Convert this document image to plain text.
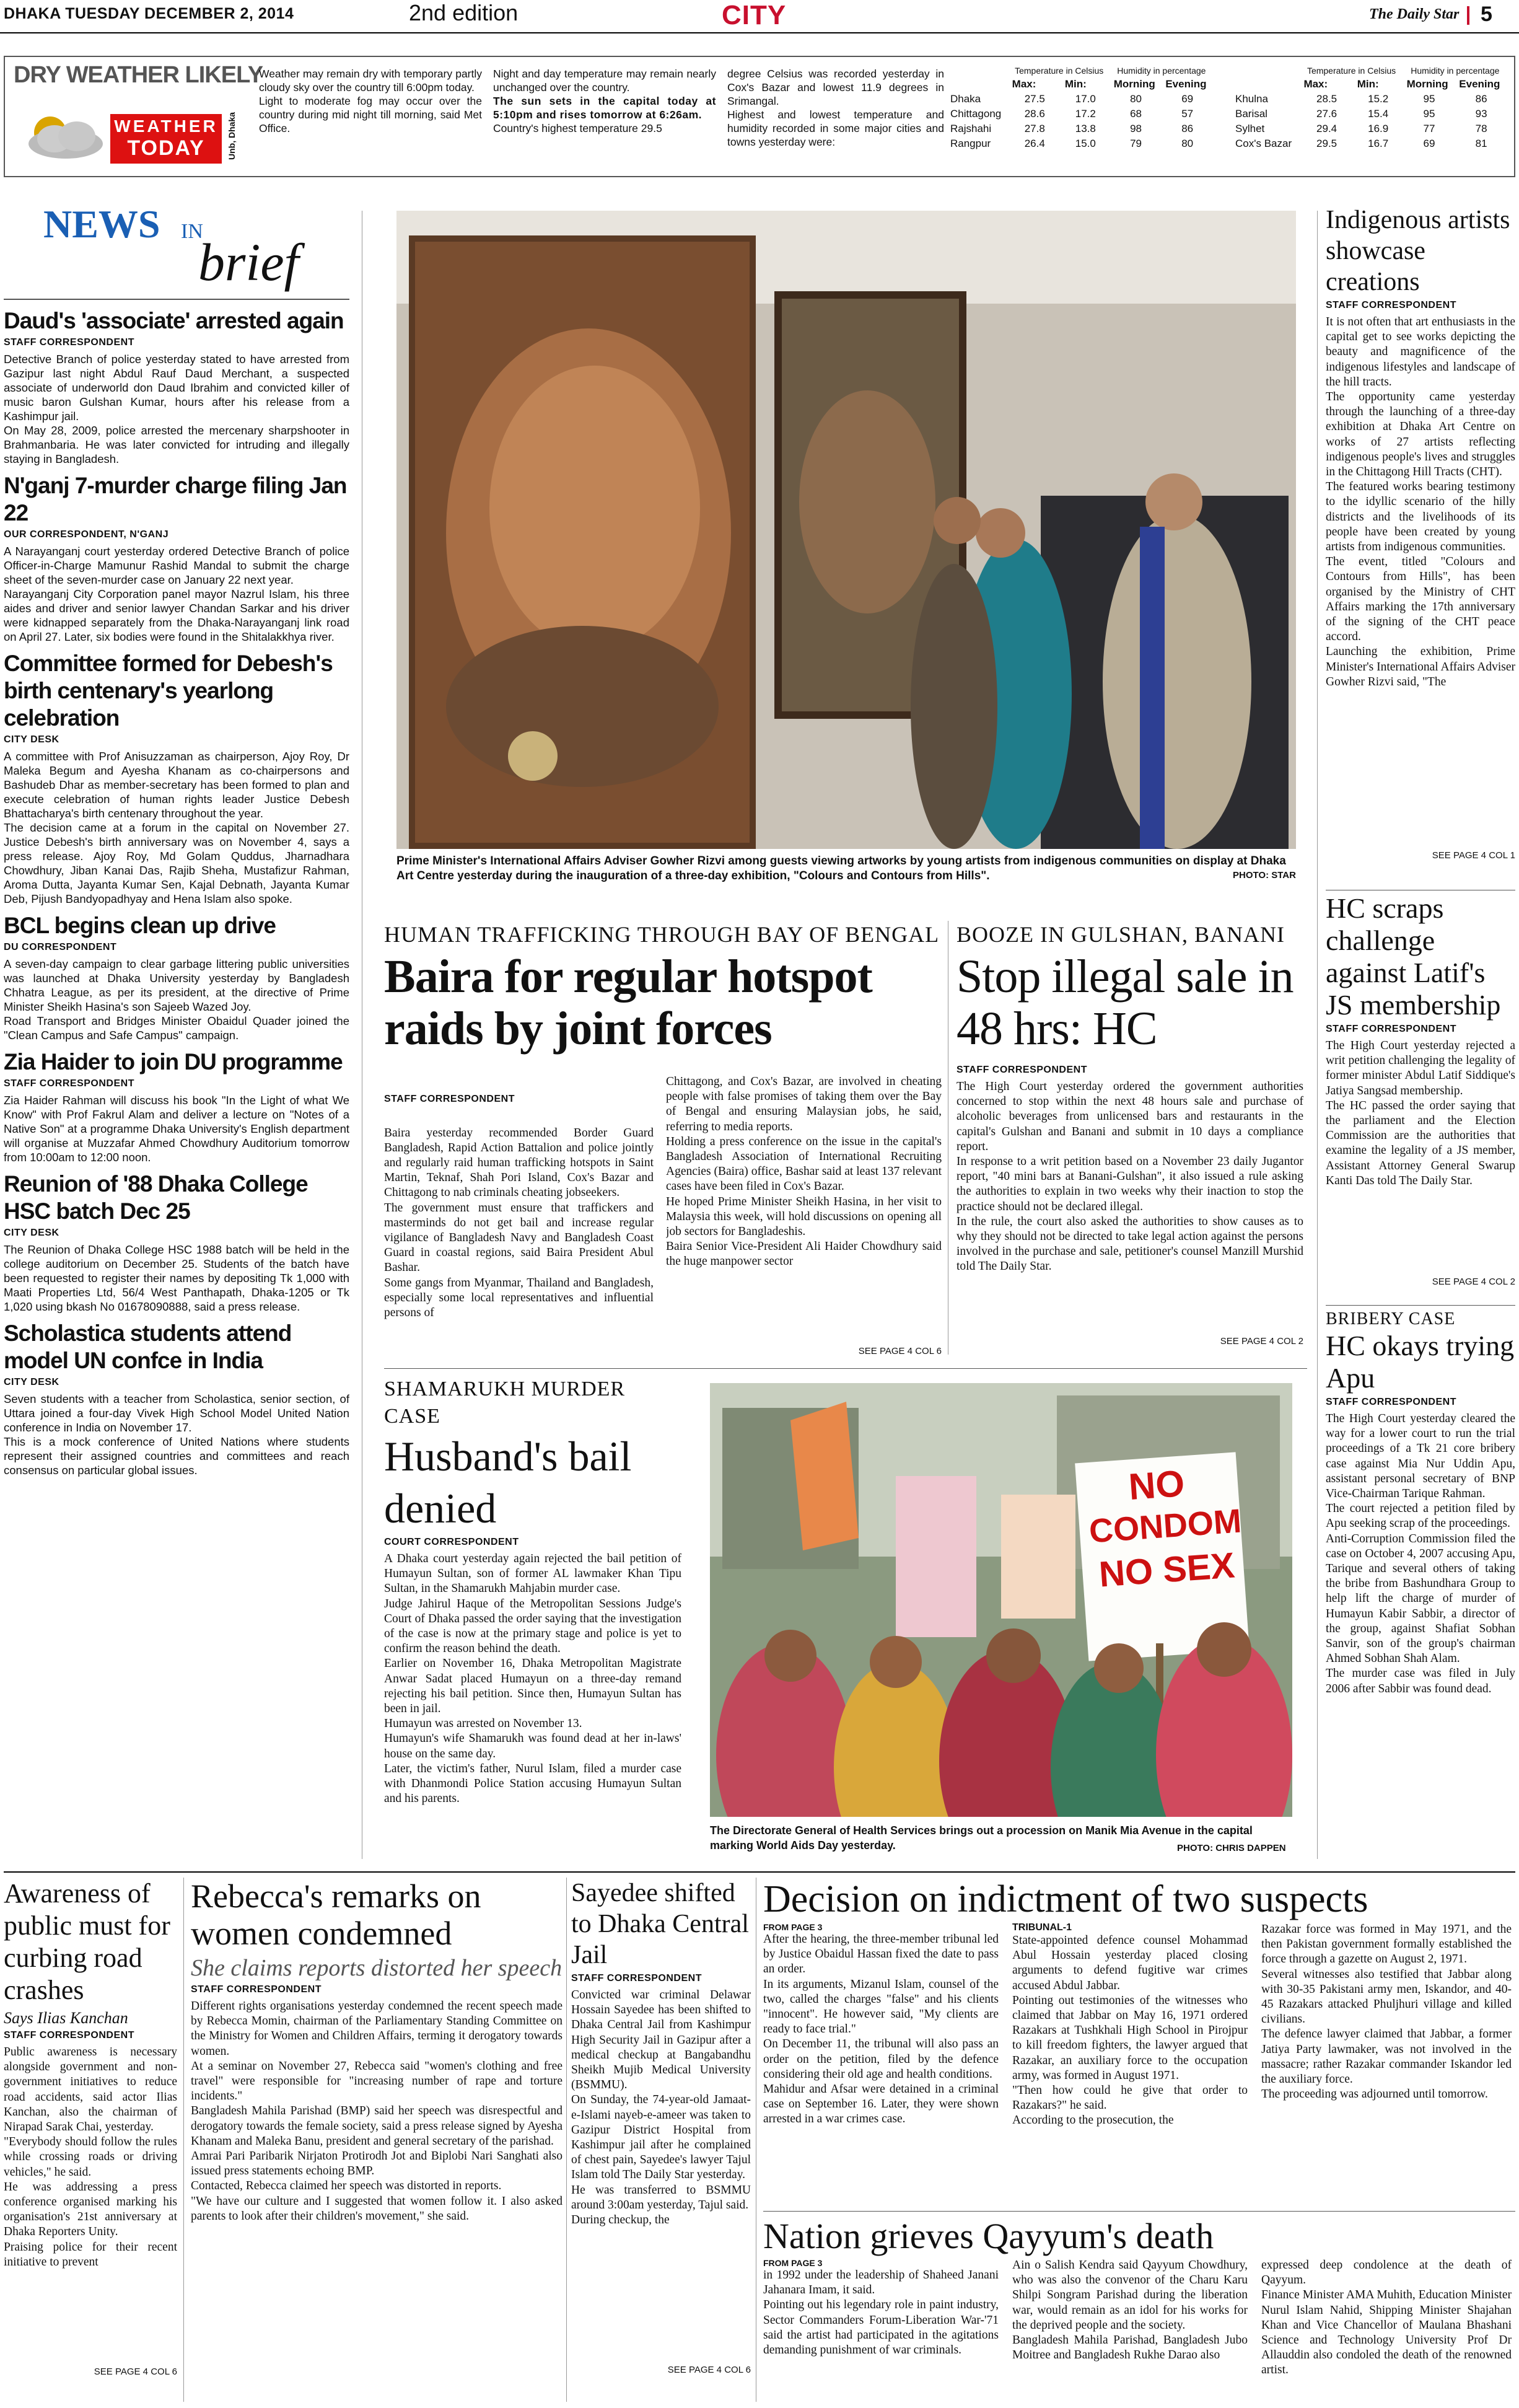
DHAKA TUESDAY DECEMBER 2, 2014	2nd edition	CITY	The Daily Star 5
DRY WEATHER LIKELY
WEATHER
TODAY	Unb, Dhaka
Weather may remain dry with temporary partly cloudy sky over the country till 6:00pm today.
Light to moderate fog may occur over the country during mid night till morning, said Met Office.
Night and day temperature may remain nearly unchanged over the country.
The sun sets in the capital today at 5:10pm and rises tomorrow at 6:26am.
Country's highest temperature 29.5
degree Celsius was recorded yesterday in Cox's Bazar and lowest 11.9 degrees in Srimangal.
Highest and lowest temperature and humidity recorded in some major cities and towns yesterday were:
	Temperature in Celsius		Humidity in percentage	
	Max:	Min:	Morning	Evening
Dhaka	27.5	17.0	80	69
Chittagong	28.6	17.2	68	57
Rajshahi	27.8	13.8	98	86
Rangpur	26.4	15.0	79	80
	Temperature in Celsius		Humidity in percentage	
	Max:	Min:	Morning	Evening
Khulna	28.5	15.2	95	86
Barisal	27.6	15.4	95	93
Sylhet	29.4	16.9	77	78
Cox's Bazar	29.5	16.7	69	81
NEWS IN
brief
Daud's 'associate' arrested again
STAFF CORRESPONDENT
Detective Branch of police yesterday stated to have arrested from Gazipur last night Abdul Rauf Daud Merchant, a suspected associate of underworld don Daud Ibrahim and convicted killer of music baron Gulshan Kumar, hours after his release from a Kashimpur jail.
On May 28, 2009, police arrested the mercenary sharpshooter in Brahmanbaria. He was later convicted for intruding and illegally staying in Bangladesh.
N'ganj 7-murder charge filing Jan 22
OUR CORRESPONDENT, N'GANJ
A Narayanganj court yesterday ordered Detective Branch of police Officer-in-Charge Mamunur Rashid Mandal to submit the charge sheet of the seven-murder case on January 22 next year.
Narayanganj City Corporation panel mayor Nazrul Islam, his three aides and driver and senior lawyer Chandan Sarkar and his driver were kidnapped separately from the Dhaka-Narayanganj link road on April 27. Later, six bodies were found in the Shitalakkhya river.
Committee formed for Debesh's birth centenary's yearlong celebration
CITY DESK
A committee with Prof Anisuzzaman as chairperson, Ajoy Roy, Dr Maleka Begum and Ayesha Khanam as co-chairpersons and Bashudeb Dhar as member-secretary has been formed to plan and execute celebration of human rights leader Justice Debesh Bhattacharya's birth centenary throughout the year.
The decision came at a forum in the capital on November 27. Justice Debesh's birth anniversary was on November 4, says a press release. Ajoy Roy, Md Golam Quddus, Jharnadhara Chowdhury, Jiban Kanai Das, Rajib Sheha, Mustafizur Rahman, Aroma Dutta, Jayanta Kumar Sen, Kajal Debnath, Jayanta Kumar Deb, Pijush Bandyopadhyay and Hena Islam also spoke.
BCL begins clean up drive
DU CORRESPONDENT
A seven-day campaign to clear garbage littering public universities was launched at Dhaka University yesterday by Bangladesh Chhatra League, as per its president, at the directive of Prime Minister Sheikh Hasina's son Sajeeb Wazed Joy.
Road Transport and Bridges Minister Obaidul Quader joined the "Clean Campus and Safe Campus" campaign.
Zia Haider to join DU programme
STAFF CORRESPONDENT
Zia Haider Rahman will discuss his book "In the Light of what We Know" with Prof Fakrul Alam and deliver a lecture on "Notes of a Native Son" at a programme Dhaka University's English department will organise at Muzzafar Ahmed Chowdhury Auditorium tomorrow from 10:00am to 12:00 noon.
Reunion of '88 Dhaka College HSC batch Dec 25
CITY DESK
The Reunion of Dhaka College HSC 1988 batch will be held in the college auditorium on December 25. Students of the batch have been requested to register their names by depositing Tk 1,000 with Maati Properties Ltd, 56/4 West Panthapath, Dhaka-1205 or Tk 1,020 using bkash No 01678090888, said a press release.
Scholastica students attend model UN confce in India
CITY DESK
Seven students with a teacher from Scholastica, senior section, of Uttara joined a four-day Vivek High School Model United Nation conference in India on November 17.
This is a mock conference of United Nations where students represent their assigned countries and committees and reach consensus on particular global issues.
Prime Minister's International Affairs Adviser Gowher Rizvi among guests viewing artworks by young artists from indigenous communities on display at Dhaka Art Centre yesterday during the inauguration of a three-day exhibition, "Colours and Contours from Hills".	PHOTO: STAR
HUMAN TRAFFICKING THROUGH BAY OF BENGAL
Baira for regular hotspot raids by joint forces

STAFF CORRESPONDENT

Baira yesterday recommended Border Guard Bangladesh, Rapid Action Battalion and police jointly and regularly raid human trafficking hotspots in Saint Martin, Teknaf, Shah Pori Island, Cox's Bazar and Chittagong to nab criminals cheating jobseekers.
The government must ensure that traffickers and masterminds do not get bail and increase regular vigilance of Bangladesh Navy and Bangladesh Coast Guard in coastal regions, said Baira President Abul Bashar.
Some gangs from Myanmar, Thailand and Bangladesh, especially some local representatives and influential persons of

Chittagong, and Cox's Bazar, are involved in cheating people with false promises of taking them over the Bay of Bengal and ensuring Malaysian jobs, he said, referring to media reports.
Holding a press conference on the issue in the capital's Bangladesh Association of International Recruiting Agencies (Baira) office, Bashar said at least 137 relevant cases have been filed in Cox's Bazar.
He hoped Prime Minister Sheikh Hasina, in her visit to Malaysia this week, will hold discussions on opening all job sectors for Bangladeshis.
Baira Senior Vice-President Ali Haider Chowdhury said the huge manpower sector
SEE PAGE 4 COL 6
BOOZE IN GULSHAN, BANANI
Stop illegal sale in 48 hrs: HC
STAFF CORRESPONDENT
The High Court yesterday ordered the government authorities concerned to stop within the next 48 hours sale and purchase of alcoholic beverages from unlicensed bars and restaurants in the capital's Gulshan and Banani and submit in 10 days a compliance report.
In response to a writ petition based on a November 23 daily Jugantor report, "40 mini bars at Banani-Gulshan", it also issued a rule asking the authorities to explain in two weeks why their inaction to stop the practice should not be declared illegal.
In the rule, the court also asked the authorities to show causes as to why they should not be directed to take legal action against the persons involved in the purchase and sale, petitioner's counsel Manzill Murshid told The Daily Star.
SEE PAGE 4 COL 2
Indigenous artists showcase creations
STAFF CORRESPONDENT
It is not often that art enthusiasts in the capital get to see works depicting the beauty and magnificence of the indigenous lifestyles and landscape of the hill tracts.
The opportunity came yesterday through the launching of a three-day exhibition at Dhaka Art Centre on works of 27 artists reflecting indigenous people's lives and struggles in the Chittagong Hill Tracts (CHT).
The featured works bearing testimony to the idyllic scenario of the hilly districts and the livelihoods of its people have been created by young artists from indigenous communities.
The event, titled "Colours and Contours from Hills", has been organised by the Ministry of CHT Affairs marking the 17th anniversary of the signing of the CHT peace accord.
Launching the exhibition, Prime Minister's International Affairs Adviser Gowher Rizvi said, "The
SEE PAGE 4 COL 1
HC scraps challenge against Latif's JS membership
STAFF CORRESPONDENT
The High Court yesterday rejected a writ petition challenging the legality of former minister Abdul Latif Siddique's Jatiya Sangsad membership.
The HC passed the order saying that the parliament and the Election Commission are the authorities that examine the legality of a JS member, Assistant Attorney General Swarup Kanti Das told The Daily Star.
SEE PAGE 4 COL 2
BRIBERY CASE
HC okays trying Apu
STAFF CORRESPONDENT
The High Court yesterday cleared the way for a lower court to run the trial proceedings of a Tk 21 core bribery case against Mia Nur Uddin Apu, assistant personal secretary of BNP Vice-Chairman Tarique Rahman.
The court rejected a petition filed by Apu seeking scrap of the proceedings.
Anti-Corruption Commission filed the case on October 4, 2007 accusing Apu, Tarique and several others of taking the bribe from Bashundhara Group to help lift the charge of murder of Humayun Kabir Sabbir, a director of the group, against Shafiat Sobhan Sanvir, son of the group's chairman Ahmed Sobhan Shah Alam.
The murder case was filed in July 2006 after Sabbir was found dead.
SHAMARUKH MURDER CASE
Husband's bail denied
COURT CORRESPONDENT
A Dhaka court yesterday again rejected the bail petition of Humayun Sultan, son of former AL lawmaker Khan Tipu Sultan, in the Shamarukh Mahjabin murder case.
Judge Jahirul Haque of the Metropolitan Sessions Judge's Court of Dhaka passed the order saying that the investigation of the case is now at the primary stage and police is yet to confirm the reason behind the death.
Earlier on November 16, Dhaka Metropolitan Magistrate Anwar Sadat placed Humayun on a three-day remand rejecting his bail petition. Since then, Humayun Sultan has been in jail.
Humayun was arrested on November 13.
Humayun's wife Shamarukh was found dead at her in-laws' house on the same day.
Later, the victim's father, Nurul Islam, filed a murder case with Dhanmondi Police Station accusing Humayun Sultan and his parents.
NO
CONDOM
NO SEX
The Directorate General of Health Services brings out a procession on Manik Mia Avenue in the capital marking World Aids Day yesterday.	PHOTO: CHRIS DAPPEN
Awareness of public must for curbing road crashes
Says Ilias Kanchan
STAFF CORRESPONDENT
Public awareness is necessary alongside government and non-government initiatives to reduce road accidents, said actor Ilias Kanchan, also the chairman of Nirapad Sarak Chai, yesterday.
"Everybody should follow the rules while crossing roads or driving vehicles," he said.
He was addressing a press conference organised marking his organisation's 21st anniversary at Dhaka Reporters Unity.
Praising police for their recent initiative to prevent
SEE PAGE 4 COL 6
Rebecca's remarks on women condemned
She claims reports distorted her speech
STAFF CORRESPONDENT
Different rights organisations yesterday condemned the recent speech made by Rebecca Momin, chairman of the Parliamentary Standing Committee on the Ministry for Women and Children Affairs, terming it derogatory towards women.
At a seminar on November 27, Rebecca said "women's clothing and free travel" were responsible for "increasing number of rape and torture incidents."
Bangladesh Mahila Parishad (BMP) said her speech was disrespectful and derogatory towards the female society, said a press release signed by Ayesha Khanam and Maleka Banu, president and general secretary of the parishad.
Amrai Pari Paribarik Nirjaton Protirodh Jot and Biplobi Nari Sanghati also issued press statements echoing BMP.
Contacted, Rebecca claimed her speech was distorted in reports.
"We have our culture and I suggested that women follow it. I also asked parents to look after their children's movement," she said.
Sayedee shifted to Dhaka Central Jail
STAFF CORRESPONDENT
Convicted war criminal Delawar Hossain Sayedee has been shifted to Dhaka Central Jail from Kashimpur High Security Jail in Gazipur after a medical checkup at Bangabandhu Sheikh Mujib Medical University (BSMMU).
On Sunday, the 74-year-old Jamaat-e-Islami nayeb-e-ameer was taken to Gazipur District Hospital from Kashimpur jail after he complained of chest pain, Sayedee's lawyer Tajul Islam told The Daily Star yesterday.
He was transferred to BSMMU around 3:00am yesterday, Tajul said.
During checkup, the
SEE PAGE 4 COL 6
Decision on indictment of two suspects
FROM PAGE 3
After the hearing, the three-member tribunal led by Justice Obaidul Hassan fixed the date to pass an order.
In its arguments, Mizanul Islam, counsel of the two, called the charges "false" and his clients "innocent". He however said, "My clients are ready to face trial."
On December 11, the tribunal will also pass an order on the petition, filed by the defence considering their old age and health conditions.
Mahidur and Afsar were detained in a criminal case on September 16. Later, they were shown arrested in a war crimes case.
TRIBUNAL-1
State-appointed defence counsel Mohammad Abul Hossain yesterday placed closing arguments to defend fugitive war crimes accused Abdul Jabbar.
Pointing out testimonies of the witnesses who claimed that Jabbar on May 16, 1971 ordered Razakars at Tushkhali High School in Pirojpur to kill freedom fighters, the lawyer argued that Razakar, an auxiliary force to the occupation army, was formed in August 1971.
"Then how could he give that order to Razakars?" he said.
According to the prosecution, the
Razakar force was formed in May 1971, and the then Pakistan government formally established the force through a gazette on August 2, 1971.
Several witnesses also testified that Jabbar along with 30-35 Pakistani army men, Iskandor, and 40-45 Razakars attacked Phuljhuri village and killed civilians.
The defence lawyer claimed that Jabbar, a former Jatiya Party lawmaker, was not involved in the massacre; rather Razakar commander Iskandor led the auxiliary force.
The proceeding was adjourned until tomorrow.
Nation grieves Qayyum's death
FROM PAGE 3
in 1992 under the leadership of Shaheed Janani Jahanara Imam, it said.
Pointing out his legendary role in paint industry, Sector Commanders Forum-Liberation War-'71 said the artist had participated in the agitations demanding punishment of war criminals.
Ain o Salish Kendra said Qayyum Chowdhury, who was also the convenor of the Charu Karu Shilpi Songram Parishad during the liberation war, would remain as an idol for his works for the deprived people and the society.
Bangladesh Mahila Parishad, Bangladesh Jubo Moitree and Bangladesh Rukhe Darao also
expressed deep condolence at the death of Qayyum.
Finance Minister AMA Muhith, Education Minister Nurul Islam Nahid, Shipping Minister Shajahan Khan and Vice Chancellor of Maulana Bhashani Science and Technology University Prof Dr Allauddin also condoled the death of the renowned artist.
